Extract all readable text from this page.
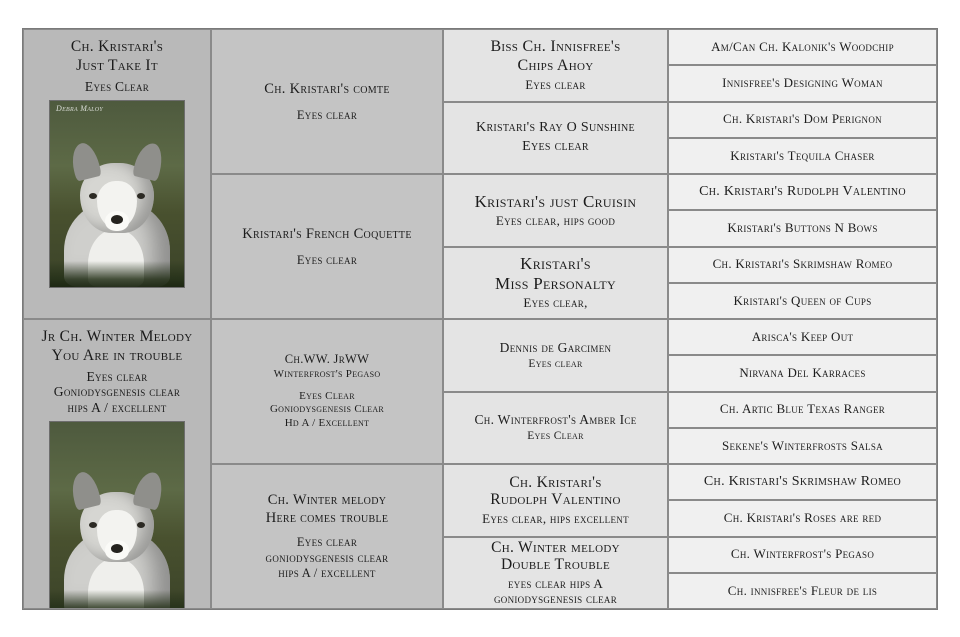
Ch. Kristari's
Just Take It
Eyes Clear
Debra Maloy
Jr Ch. Winter Melody
You Are in trouble
Eyes clear
Goniodysgenesis clear
hips A / excellent
Ch. Kristari's comte
Eyes clear
Kristari's French Coquette
Eyes clear
Ch.WW. JrWW
Winterfrost's Pegaso
Eyes Clear
Goniodysgenesis Clear
Hd A / Excellent
Ch. Winter melody
Here comes trouble
Eyes clear
goniodysgenesis clear
hips A / excellent
Biss Ch. Innisfree's
Chips Ahoy
Eyes clear
Kristari's Ray O Sunshine
Eyes clear
Kristari's just Cruisin
Eyes clear, hips good
Kristari's
Miss Personalty
Eyes clear,
Dennis de Garcimen
Eyes clear
Ch. Winterfrost's Amber Ice
Eyes Clear
Ch. Kristari's
Rudolph Valentino
Eyes clear, hips excellent
Ch. Winter melody
Double Trouble
eyes clear hips A
goniodysgenesis clear
Am/Can Ch. Kalonik's Woodchip
Innisfree's Designing Woman
Ch. Kristari's Dom Perignon
Kristari's Tequila Chaser
Ch. Kristari's Rudolph Valentino
Kristari's Buttons N Bows
Ch. Kristari's Skrimshaw Romeo
Kristari's Queen of Cups
Arisca's Keep Out
Nirvana Del Karraces
Ch. Artic Blue Texas Ranger
Sekene's Winterfrosts Salsa
Ch. Kristari's Skrimshaw Romeo
Ch. Kristari's Roses are red
Ch. Winterfrost's Pegaso
Ch. innisfree's Fleur de lis
